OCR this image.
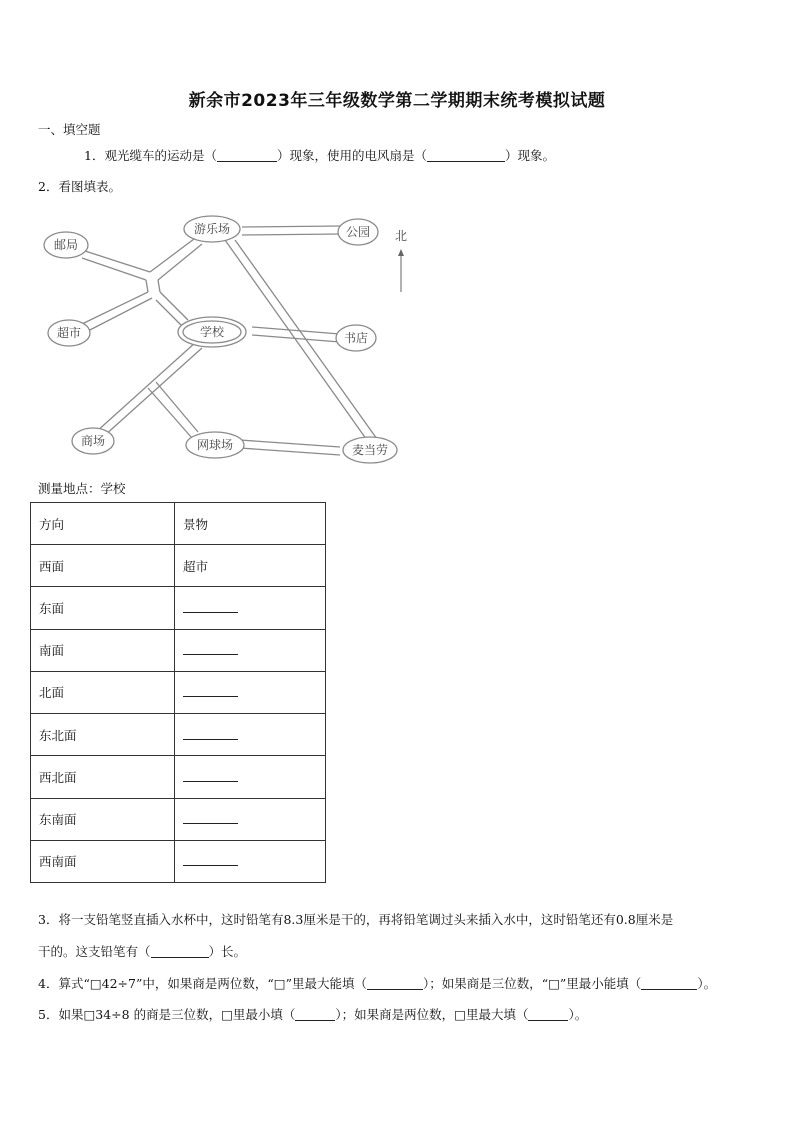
新余市2023年三年级数学第二学期期末统考模拟试题
一、填空题
1．观光缆车的运动是（	）现象，使用的电风扇是（	）现象。
2．看图填表。
邮局
游乐场	公园
超市	学校	书店
商场	网球场	麦当劳
北
测量地点：学校
方向	景物
西面	超市
东面	
南面	
北面	
东北面	
西北面	
东南面	
西南面	
3．将一支铅笔竖直插入水杯中，这时铅笔有8.3厘米是干的，再将铅笔调过头来插入水中，这时铅笔还有0.8厘米是
干的。这支铅笔有（	）长。
4．算式“□42÷7”中，如果商是两位数，“□”里最大能填（	）；如果商是三位数，“□”里最小能填（	）。
5．如果□34÷8 的商是三位数，□里最小填（	）；如果商是两位数，□里最大填（	）。
